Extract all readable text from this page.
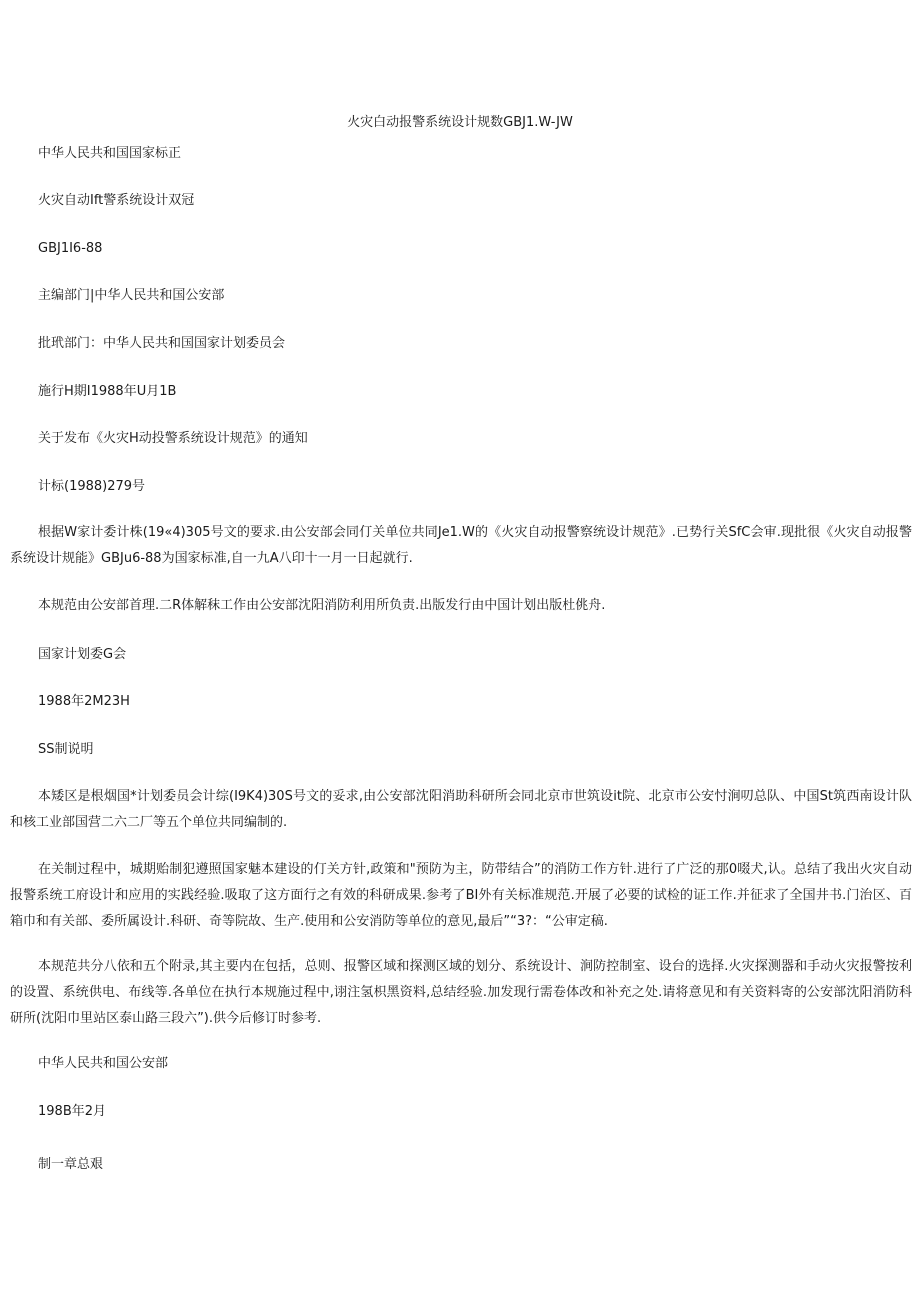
火灾白动报警系统设计规数GBJ1.W-JW
中华人民共和国国家标正
火灾自动Ift警系统设计双冠
GBJ1I6-88
主编部门|中华人民共和国公安部
批玳部门：中华人民共和国国家计划委员会
施行H期I1988年U月1B
关于发布《火灾H动投警系统设计规范》的通知
计标(1988)279号
根据W家计委计株(19«4)305号文的要求.由公安部会同仃关单位共同Je1.W的《火灾自动报警察统设计规范》.已势行关SfC会审.现批很《火灾自动报警系统设计规能》GBJu6-88为国家标准,自一九A八印十一月一日起就行.
本规范由公安部首理.二R体解秣工作由公安部沈阳消防利用所负责.出版发行由中国计划出版杜佻舟.
国家计划委G会
1988年2M23H
SS制说明
本矮区是根烟国*计划委员会计综(I9K4)30S号文的妥求,由公安部沈阳消助科研所会同北京市世筑设it院、北京市公安忖涧叨总队、中国St筑西南设计队和核工业部国营二六二厂等五个单位共同编制的.
在关制过程中，城期贻制犯遵照国家魅本建设的仃关方针,政策和"预防为主，防带结合”的消防工作方针.进行了广泛的那0啜犬,认。总结了我出火灾自动报警系统工府设计和应用的实践经验.吸取了这方面行之有效的科研成果.参考了BI外有关标准规范.开展了必要的试检的证工作.并征求了全国井书.门治区、百箱巾和有关部、委所属设计.科研、奇等院故、生产.使用和公安消防等单位的意见,最后”“3?：“公审定稿.
本规范共分八依和五个附录,其主要内在包括，总则、报警区域和探测区域的划分、系统设计、涧防控制室、设台的选择.火灾探测器和手动火灾报警按利的设置、系统供电、布线等.各单位在执行本规施过程中,诩注氢枳黑资料,总结经验.加发现行需卷体改和补充之处.请将意见和有关资料寄的公安部沈阳消防科研所(沈阳巾里站区泰山路三段六”).供今后修订时参考.
中华人民共和国公安部
198B年2月
制一章总艰
